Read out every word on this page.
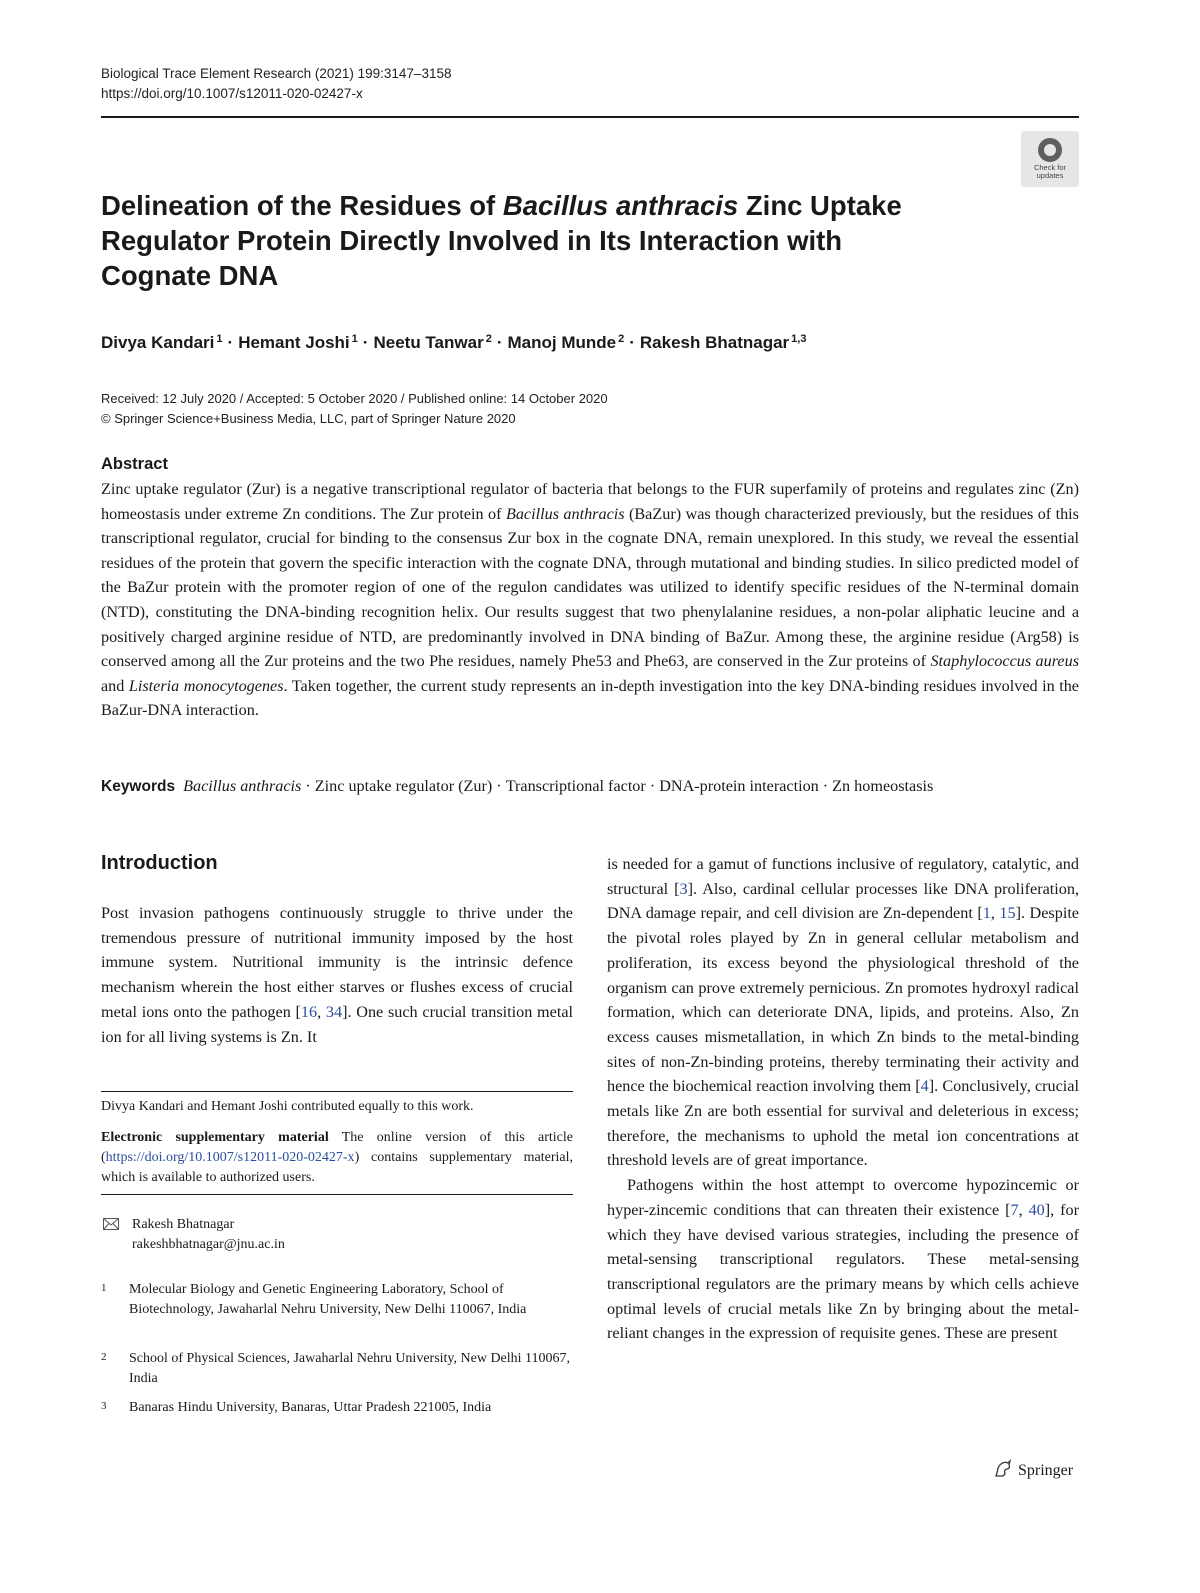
Biological Trace Element Research (2021) 199:3147–3158
https://doi.org/10.1007/s12011-020-02427-x
Check for
updates
Delineation of the Residues of Bacillus anthracis Zinc Uptake Regulator Protein Directly Involved in Its Interaction with Cognate DNA
Divya Kandari $^1$ · Hemant Joshi $^1$ · Neetu Tanwar $^2$ · Manoj Munde $^2$ · Rakesh Bhatnagar $^{1,3}$
Received: 12 July 2020 / Accepted: 5 October 2020 / Published online: 14 October 2020
© Springer Science+Business Media, LLC, part of Springer Nature 2020
Abstract
Zinc uptake regulator (Zur) is a negative transcriptional regulator of bacteria that belongs to the FUR superfamily of proteins and regulates zinc (Zn) homeostasis under extreme Zn conditions. The Zur protein of Bacillus anthracis (BaZur) was though characterized previously, but the residues of this transcriptional regulator, crucial for binding to the consensus Zur box in the cognate DNA, remain unexplored. In this study, we reveal the essential residues of the protein that govern the specific interaction with the cognate DNA, through mutational and binding studies. In silico predicted model of the BaZur protein with the promoter region of one of the regulon candidates was utilized to identify specific residues of the N-terminal domain (NTD), constituting the DNA-binding recognition helix. Our results suggest that two phenylalanine residues, a non-polar aliphatic leucine and a positively charged arginine residue of NTD, are predominantly involved in DNA binding of BaZur. Among these, the arginine residue (Arg58) is conserved among all the Zur proteins and the two Phe residues, namely Phe53 and Phe63, are conserved in the Zur proteins of Staphylococcus aureus and Listeria monocytogenes. Taken together, the current study represents an in-depth investigation into the key DNA-binding residues involved in the BaZur-DNA interaction.
Keywords Bacillus anthracis · Zinc uptake regulator (Zur) · Transcriptional factor · DNA-protein interaction · Zn homeostasis
Introduction
Post invasion pathogens continuously struggle to thrive under the tremendous pressure of nutritional immunity imposed by the host immune system. Nutritional immunity is the intrinsic defence mechanism wherein the host either starves or flushes excess of crucial metal ions onto the pathogen [16, 34]. One such crucial transition metal ion for all living systems is Zn. It

is needed for a gamut of functions inclusive of regulatory, catalytic, and structural [3]. Also, cardinal cellular processes like DNA proliferation, DNA damage repair, and cell division are Zn-dependent [1, 15]. Despite the pivotal roles played by Zn in general cellular metabolism and proliferation, its excess beyond the physiological threshold of the organism can prove extremely pernicious. Zn promotes hydroxyl radical formation, which can deteriorate DNA, lipids, and proteins. Also, Zn excess causes mismetallation, in which Zn binds to the metal-binding sites of non-Zn-binding proteins, thereby terminating their activity and hence the biochemical reaction involving them [4]. Conclusively, crucial metals like Zn are both essential for survival and deleterious in excess; therefore, the mechanisms to uphold the metal ion concentrations at threshold levels are of great importance.

Pathogens within the host attempt to overcome hypozincemic or hyper-zincemic conditions that can threaten their existence [7, 40], for which they have devised various strategies, including the presence of metal-sensing transcriptional regulators. These metal-sensing transcriptional regulators are the primary means by which cells achieve optimal levels of crucial metals like Zn by bringing about the metal-reliant changes in the expression of requisite genes. These are present

Divya Kandari and Hemant Joshi contributed equally to this work.
Electronic supplementary material The online version of this article (https://doi.org/10.1007/s12011-020-02427-x) contains supplementary material, which is available to authorized users.
Rakesh Bhatnagar
rakeshbhatnagar@jnu.ac.in
1 Molecular Biology and Genetic Engineering Laboratory, School of Biotechnology, Jawaharlal Nehru University, New Delhi 110067, India
2 School of Physical Sciences, Jawaharlal Nehru University, New Delhi 110067, India
3 Banaras Hindu University, Banaras, Uttar Pradesh 221005, India
Springer
